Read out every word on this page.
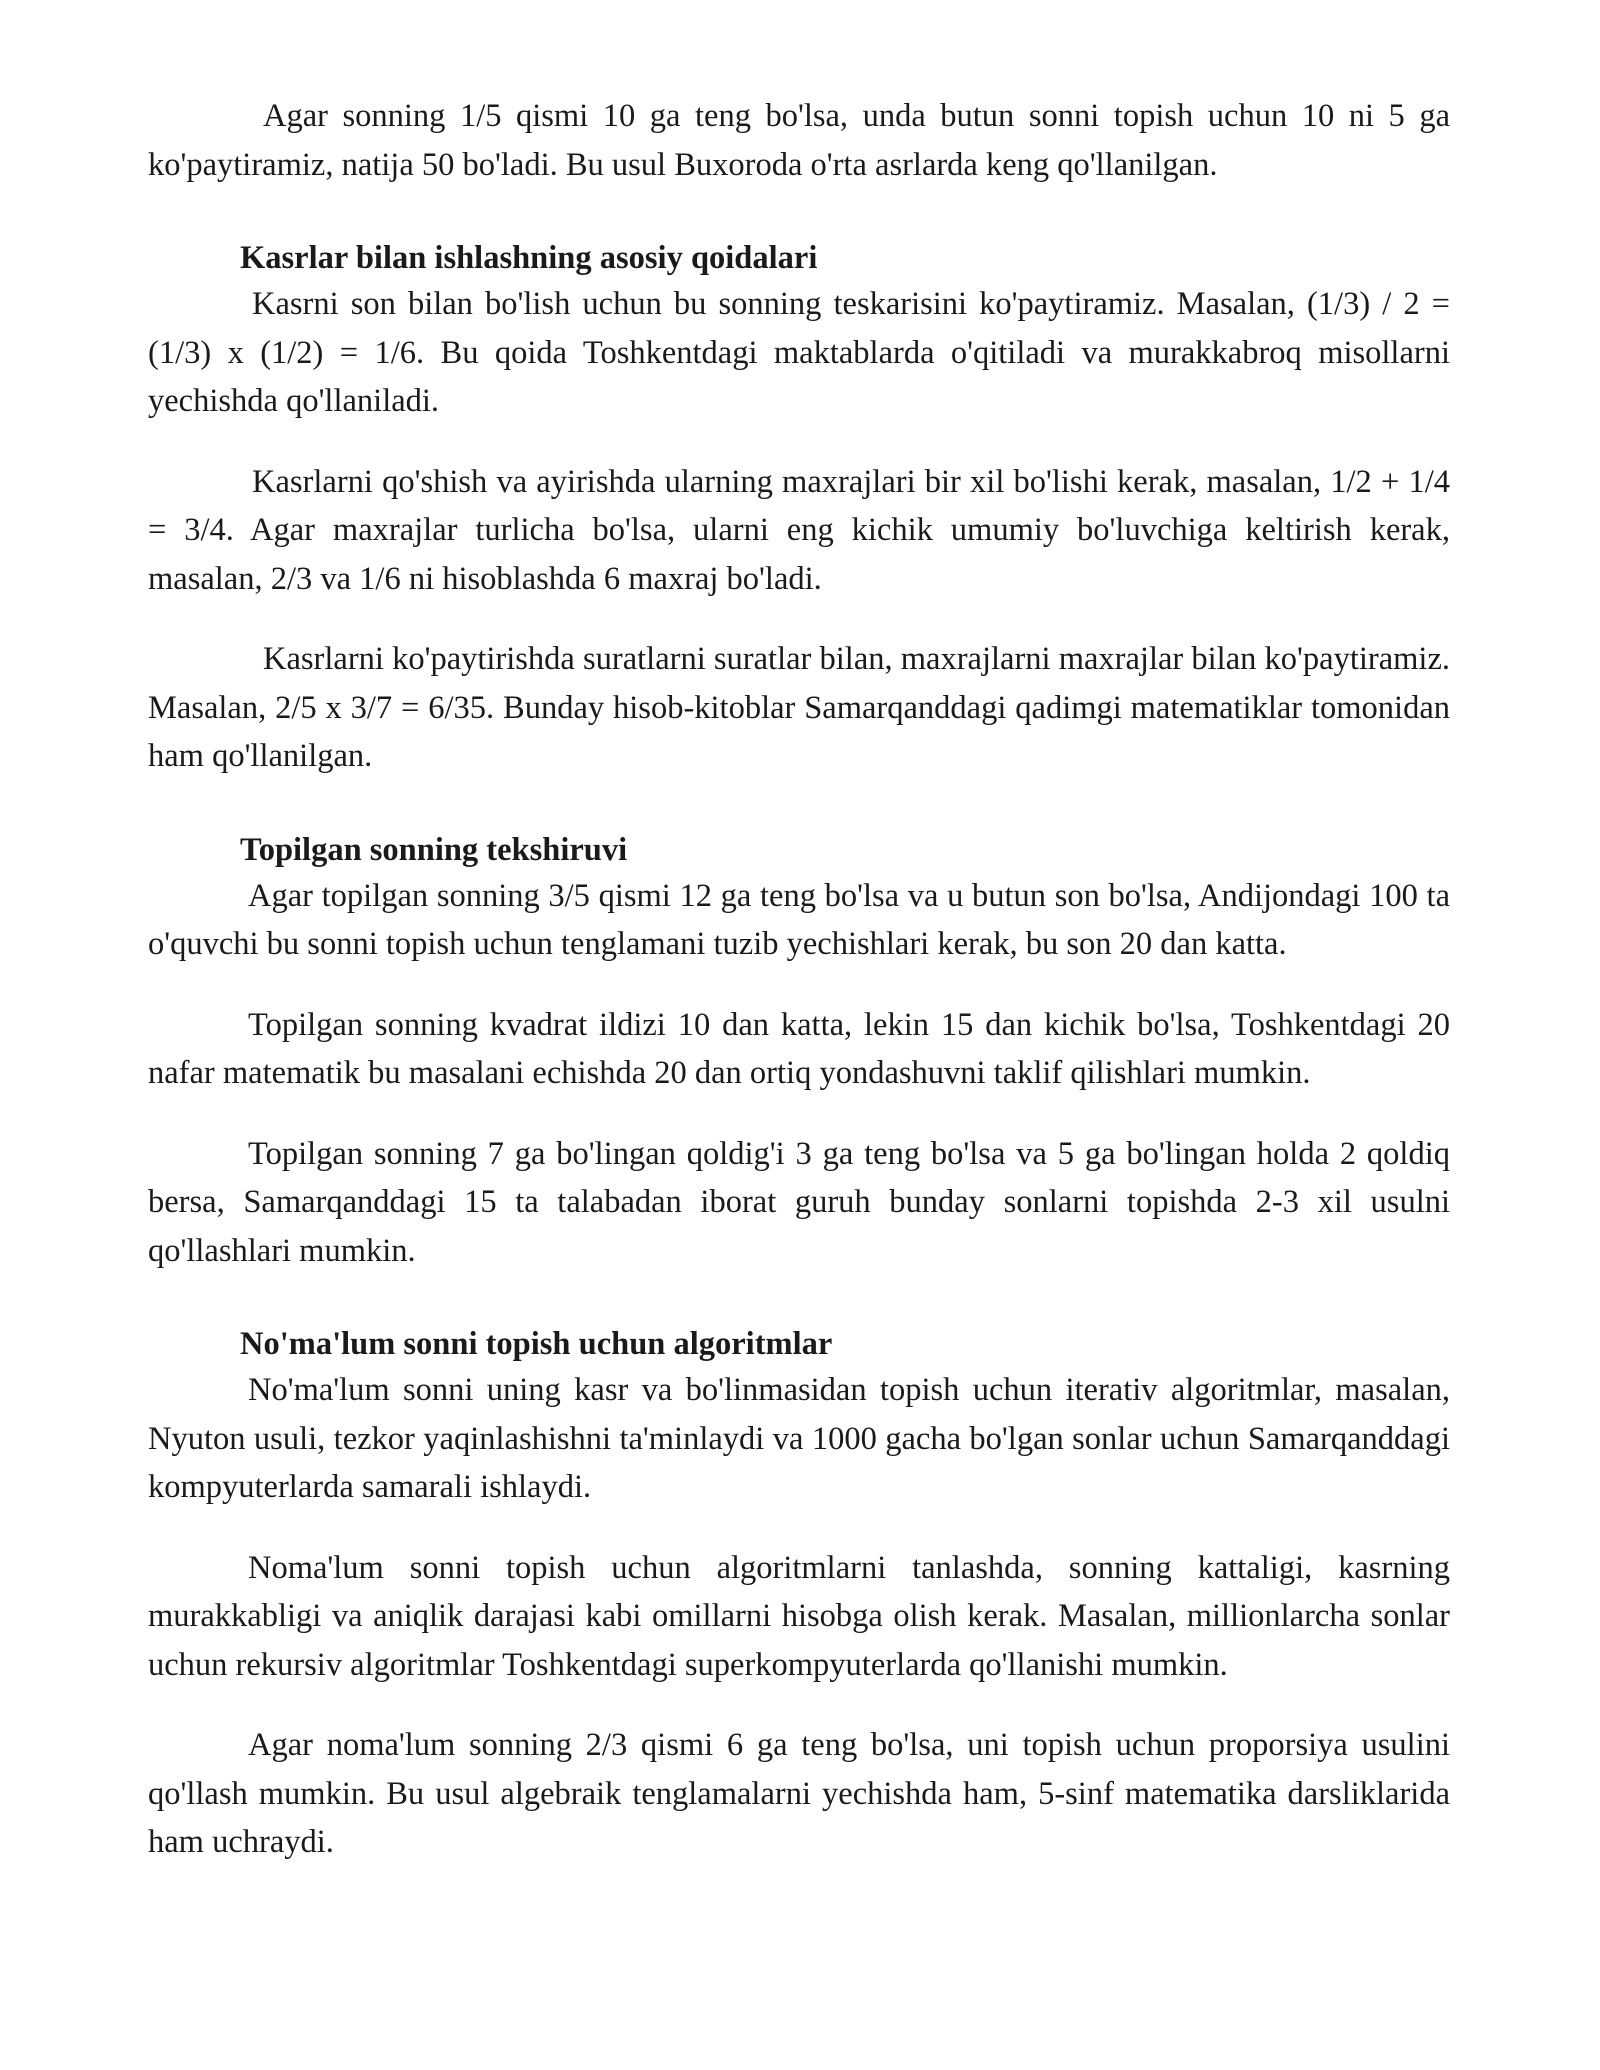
Agar sonning 1/5 qismi 10 ga teng bo'lsa, unda butun sonni topish uchun 10 ni 5 ga ko'paytiramiz, natija 50 bo'ladi. Bu usul Buxoroda o'rta asrlarda keng qo'llanilgan.

Kasrlar bilan ishlashning asosiy qoidalari

Kasrni son bilan bo'lish uchun bu sonning teskarisini ko'paytiramiz. Masalan, (1/3) / 2 = (1/3) x (1/2) = 1/6. Bu qoida Toshkentdagi maktablarda o'qitiladi va murakkabroq misollarni yechishda qo'llaniladi.

Kasrlarni qo'shish va ayirishda ularning maxrajlari bir xil bo'lishi kerak, masalan, 1/2 + 1/4 = 3/4. Agar maxrajlar turlicha bo'lsa, ularni eng kichik umumiy bo'luvchiga keltirish kerak, masalan, 2/3 va 1/6 ni hisoblashda 6 maxraj bo'ladi.

Kasrlarni ko'paytirishda suratlarni suratlar bilan, maxrajlarni maxrajlar bilan ko'paytiramiz. Masalan, 2/5 x 3/7 = 6/35. Bunday hisob-kitoblar Samarqanddagi qadimgi matematiklar tomonidan ham qo'llanilgan.

Topilgan sonning tekshiruvi

Agar topilgan sonning 3/5 qismi 12 ga teng bo'lsa va u butun son bo'lsa, Andijondagi 100 ta o'quvchi bu sonni topish uchun tenglamani tuzib yechishlari kerak, bu son 20 dan katta.

Topilgan sonning kvadrat ildizi 10 dan katta, lekin 15 dan kichik bo'lsa, Toshkentdagi 20 nafar matematik bu masalani echishda 20 dan ortiq yondashuvni taklif qilishlari mumkin.

Topilgan sonning 7 ga bo'lingan qoldig'i 3 ga teng bo'lsa va 5 ga bo'lingan holda 2 qoldiq bersa, Samarqanddagi 15 ta talabadan iborat guruh bunday sonlarni topishda 2-3 xil usulni qo'llashlari mumkin.

No'ma'lum sonni topish uchun algoritmlar

No'ma'lum sonni uning kasr va bo'linmasidan topish uchun iterativ algoritmlar, masalan, Nyuton usuli, tezkor yaqinlashishni ta'minlaydi va 1000 gacha bo'lgan sonlar uchun Samarqanddagi kompyuterlarda samarali ishlaydi.

Noma'lum sonni topish uchun algoritmlarni tanlashda, sonning kattaligi, kasrning murakkabligi va aniqlik darajasi kabi omillarni hisobga olish kerak. Masalan, millionlarcha sonlar uchun rekursiv algoritmlar Toshkentdagi superkompyuterlarda qo'llanishi mumkin.

Agar noma'lum sonning 2/3 qismi 6 ga teng bo'lsa, uni topish uchun proporsiya usulini qo'llash mumkin. Bu usul algebraik tenglamalarni yechishda ham, 5-sinf matematika darsliklarida ham uchraydi.
